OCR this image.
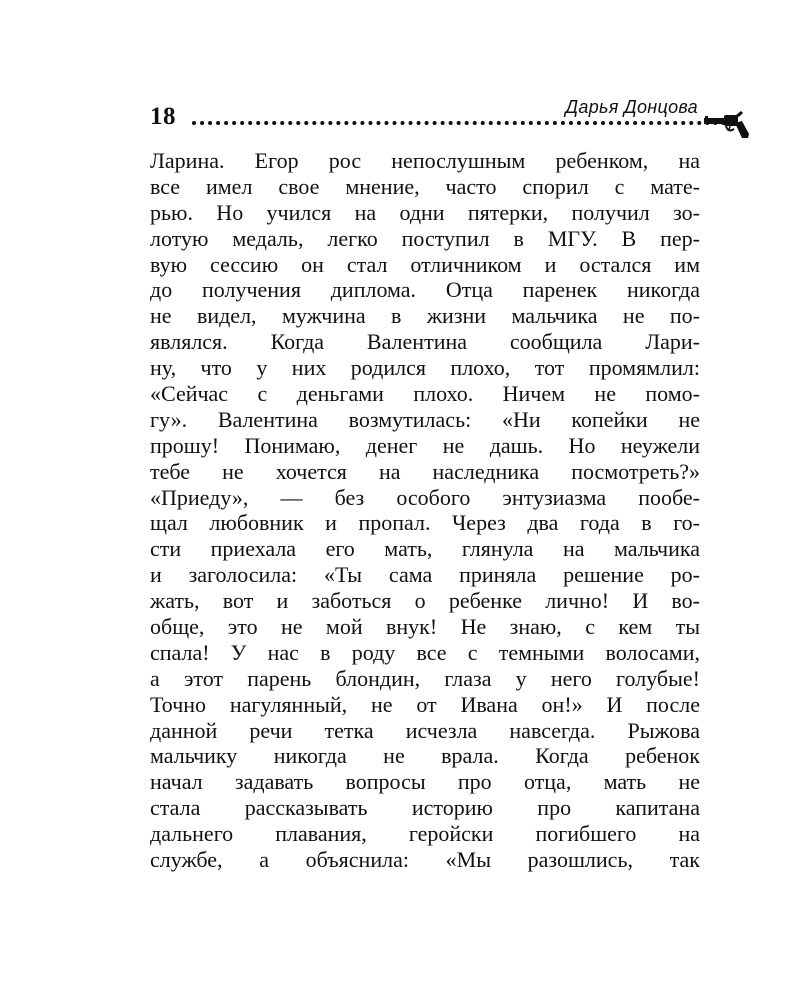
18	Дарья Донцова
Ларина. Егор рос непослушным ребенком, на
все имел свое мнение, часто спорил с мате-
рью. Но учился на одни пятерки, получил зо-
лотую медаль, легко поступил в МГУ. В пер-
вую сессию он стал отличником и остался им
до получения диплома. Отца паренек никогда
не видел, мужчина в жизни мальчика не по-
являлся. Когда Валентина сообщила Лари-
ну, что у них родился плохо, тот промямлил:
«Сейчас с деньгами плохо. Ничем не помо-
гу». Валентина возмутилась: «Ни копейки не
прошу! Понимаю, денег не дашь. Но неужели
тебе не хочется на наследника посмотреть?»
«Приеду», — без особого энтузиазма пообе-
щал любовник и пропал. Через два года в го-
сти приехала его мать, глянула на мальчика
и заголосила: «Ты сама приняла решение ро-
жать, вот и заботься о ребенке лично! И во-
обще, это не мой внук! Не знаю, с кем ты
спала! У нас в роду все с темными волосами,
а этот парень блондин, глаза у него голубые!
Точно нагулянный, не от Ивана он!» И после
данной речи тетка исчезла навсегда. Рыжова
мальчику никогда не врала. Когда ребенок
начал задавать вопросы про отца, мать не
стала рассказывать историю про капитана
дальнего плавания, геройски погибшего на
службе, а объяснила: «Мы разошлись, так
